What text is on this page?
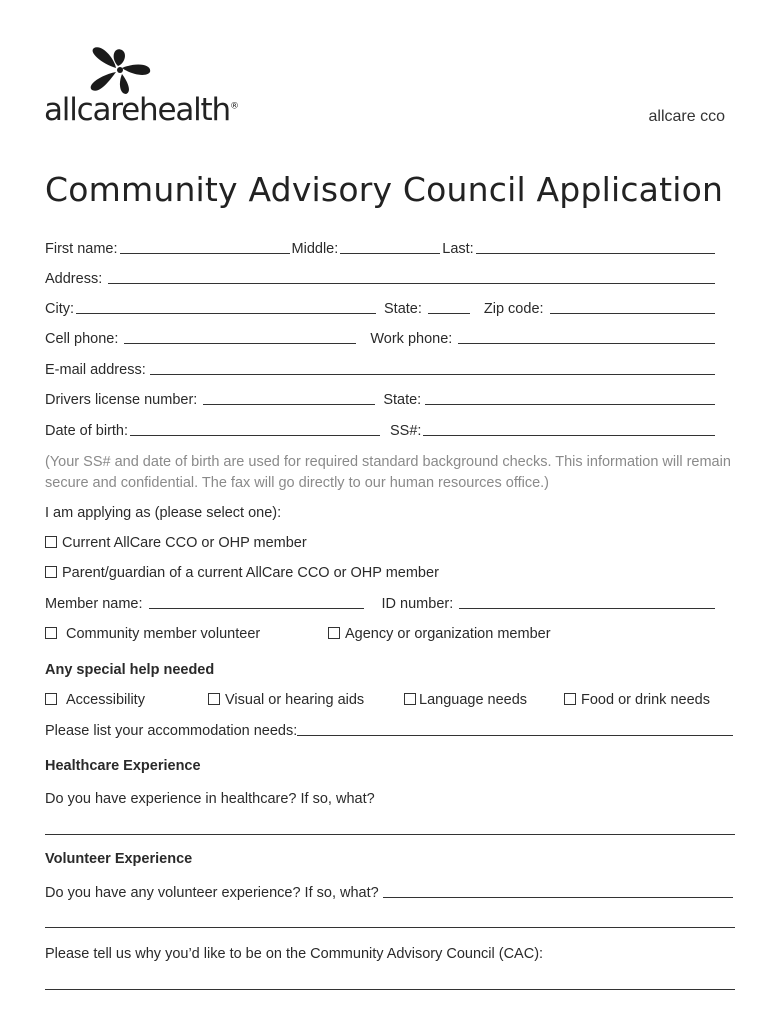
allcarehealth®
allcare cco
Community Advisory Council Application
First name:	Middle:	Last:
Address:
City:	State:	Zip code:
Cell phone:	Work phone:
E-mail address:
Drivers license number:	State:
Date of birth:	SS#:
(Your SS# and date of birth are used for required standard background checks. This information will remain secure and confidential. The fax will go directly to our human resources office.)
I am applying as (please select one):
Current AllCare CCO or OHP member
Parent/guardian of a current AllCare CCO or OHP member
Member name:	ID number:
Community member volunteer	Agency or organization member
Any special help needed
Accessibility	Visual or hearing aids	Language needs	Food or drink needs
Please list your accommodation needs:
Healthcare Experience
Do you have experience in healthcare? If so, what?
Volunteer Experience
Do you have any volunteer experience? If so, what?
Please tell us why you’d like to be on the Community Advisory Council (CAC):
